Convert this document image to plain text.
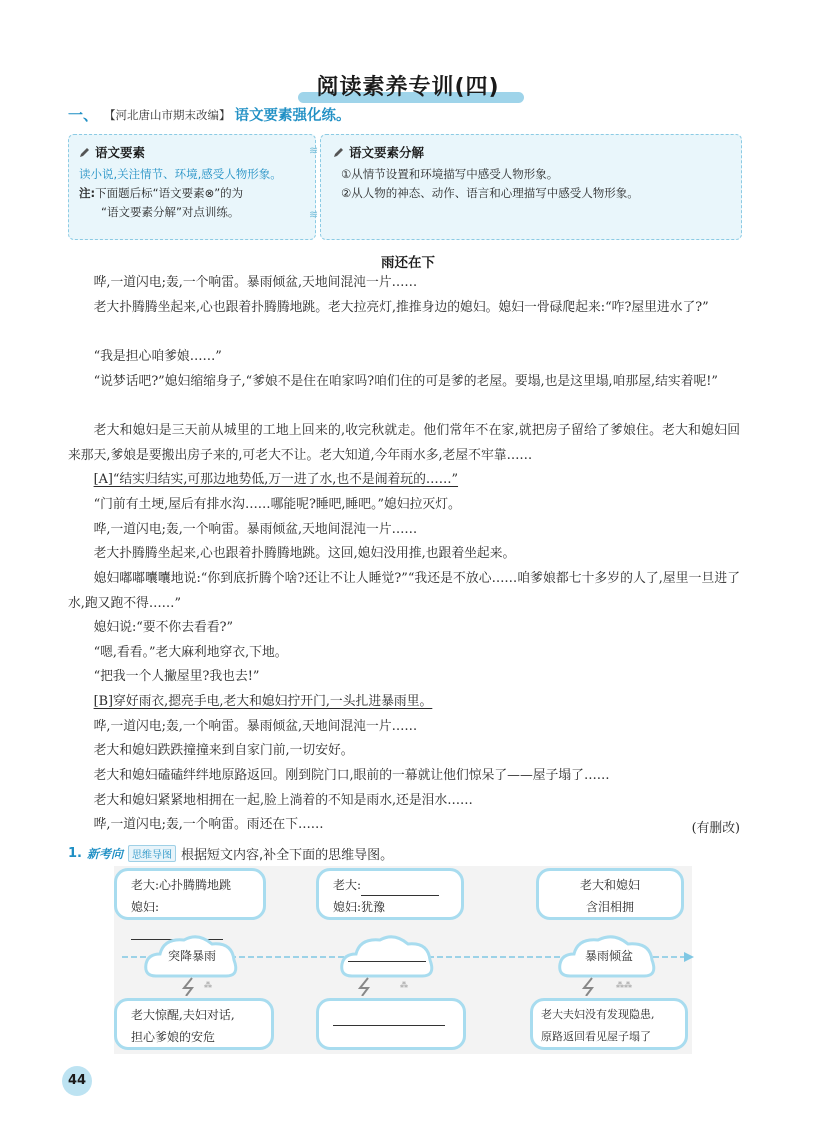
阅读素养专训(四)
一、 【河北唐山市期末改编】 语文要素强化练。
语文要素
读小说,关注情节、环境,感受人物形象。
注:下面题后标“语文要素⊗”的为
“语文要素分解”对点训练。
≋
≋
语文要素分解
①从情节设置和环境描写中感受人物形象。
②从人物的神态、动作、语言和心理描写中感受人物形象。
雨还在下
哗,一道闪电;轰,一个响雷。暴雨倾盆,天地间混沌一片……
老大扑腾腾坐起来,心也跟着扑腾腾地跳。老大拉亮灯,推推身边的媳妇。媳妇一骨碌爬起来:“咋?屋里进水了?”
“我是担心咱爹娘……”
“说梦话吧?”媳妇缩缩身子,“爹娘不是住在咱家吗?咱们住的可是爹的老屋。要塌,也是这里塌,咱那屋,结实着呢!”
老大和媳妇是三天前从城里的工地上回来的,收完秋就走。他们常年不在家,就把房子留给了爹娘住。老大和媳妇回来那天,爹娘是要搬出房子来的,可老大不让。老大知道,今年雨水多,老屋不牢靠……
[A]“结实归结实,可那边地势低,万一进了水,也不是闹着玩的……”
“门前有土埂,屋后有排水沟……哪能呢?睡吧,睡吧。”媳妇拉灭灯。
哗,一道闪电;轰,一个响雷。暴雨倾盆,天地间混沌一片……
老大扑腾腾坐起来,心也跟着扑腾腾地跳。这回,媳妇没用推,也跟着坐起来。
媳妇嘟嘟囔囔地说:“你到底折腾个啥?还让不让人睡觉?”“我还是不放心……咱爹娘都七十多岁的人了,屋里一旦进了水,跑又跑不得……”
媳妇说:“要不你去看看?”
“嗯,看看。”老大麻利地穿衣,下地。
“把我一个人撇屋里?我也去!”
[B]穿好雨衣,摁亮手电,老大和媳妇拧开门,一头扎进暴雨里。
哗,一道闪电;轰,一个响雷。暴雨倾盆,天地间混沌一片……
老大和媳妇跌跌撞撞来到自家门前,一切安好。
老大和媳妇磕磕绊绊地原路返回。刚到院门口,眼前的一幕就让他们惊呆了——屋子塌了……
老大和媳妇紧紧地相拥在一起,脸上淌着的不知是雨水,还是泪水……
哗,一道闪电;轰,一个响雷。雨还在下……	(有删改)
1. 新考向 思维导图 根据短文内容,补全下面的思维导图。
老大:心扑腾腾地跳
媳妇:
老大:
媳妇:犹豫
老大和媳妇
含泪相拥
⁂
突降暴雨
⁂	⁂⁂
暴雨倾盆
老大惊醒,夫妇对话,
担心爹娘的安危
老大夫妇没有发现隐患,
原路返回看见屋子塌了
44
